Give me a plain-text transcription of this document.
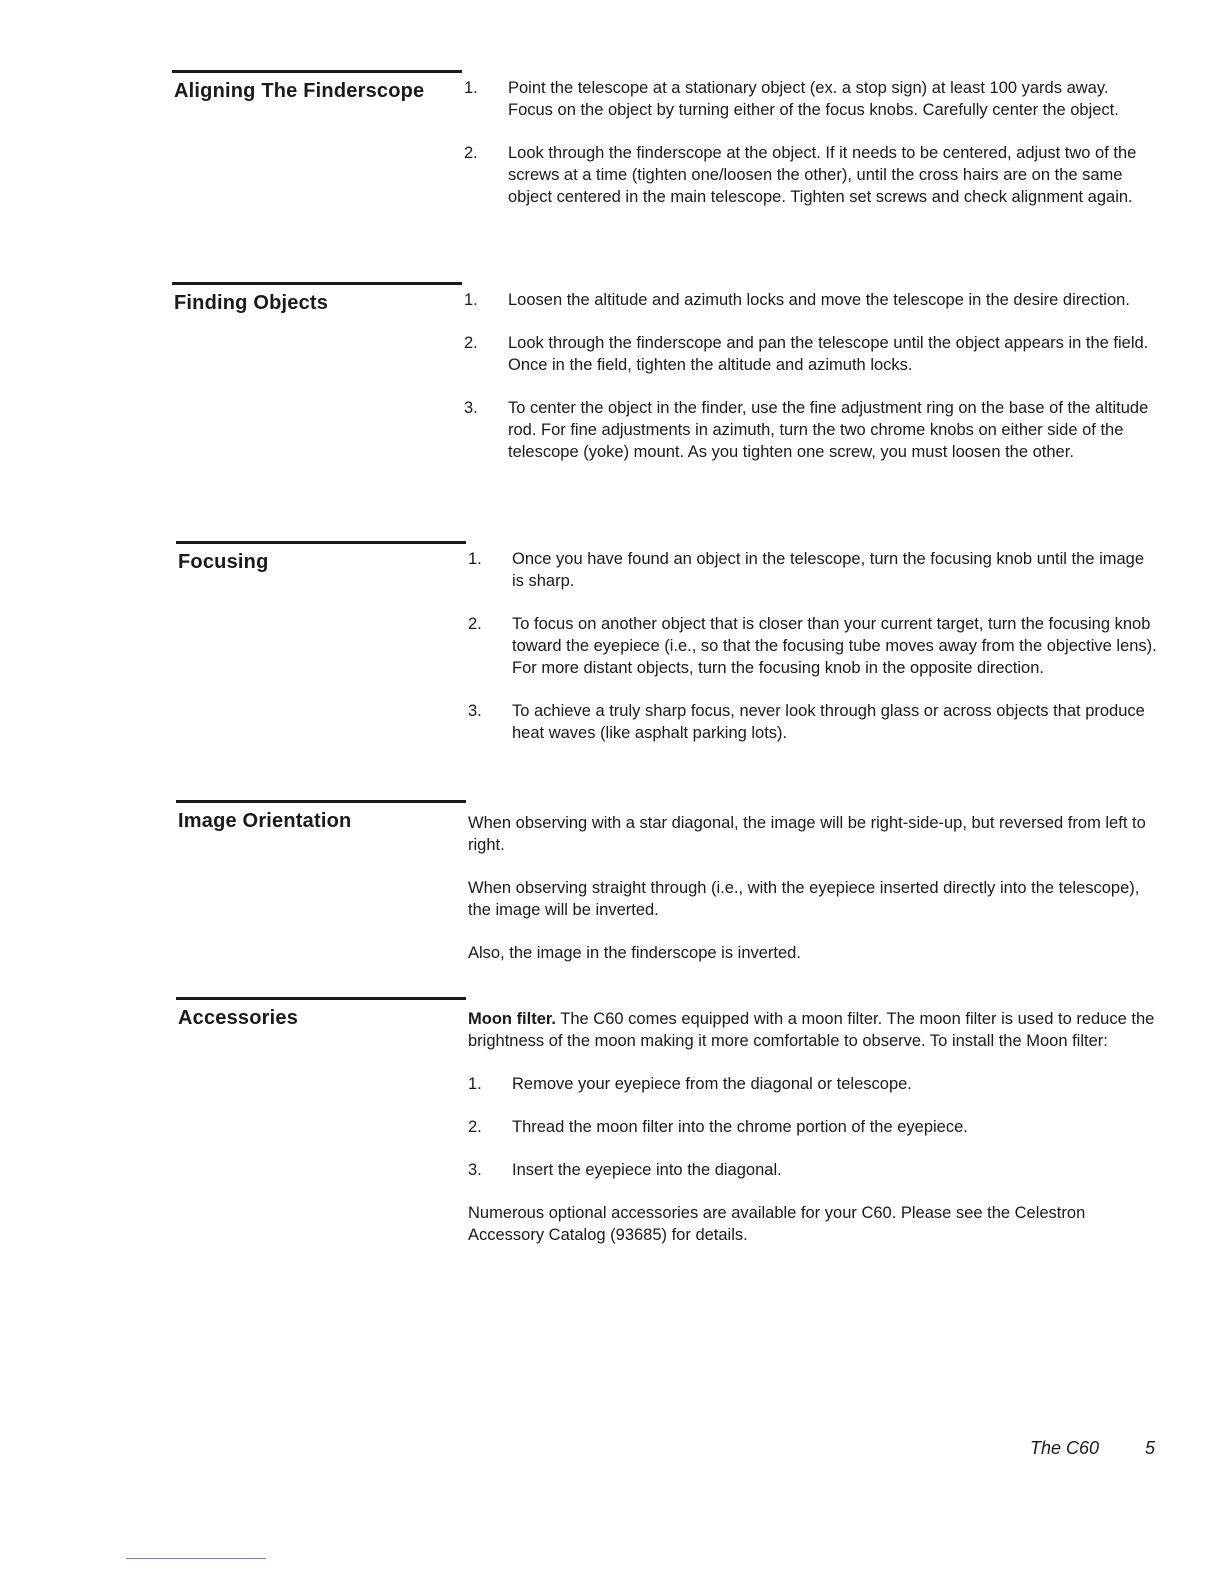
Aligning The Finderscope 1. Point the telescope at a stationary object (ex. a stop sign) at least 100 yards away. Focus on the object by turning either of the focus knobs. Carefully center the object.
2. Look through the finderscope at the object. If it needs to be centered, adjust two of the screws at a time (tighten one/loosen the other), until the cross hairs are on the same object centered in the main telescope. Tighten set screws and check alignment again.
Finding Objects	1. Loosen the altitude and azimuth locks and move the telescope in the desire direction.
2. Look through the finderscope and pan the telescope until the object appears in the field. Once in the field, tighten the altitude and azimuth locks.
3. To center the object in the finder, use the fine adjustment ring on the base of the altitude rod. For fine adjustments in azimuth, turn the two chrome knobs on either side of the telescope (yoke) mount. As you tighten one screw, you must loosen the other.
Focusing	1. Once you have found an object in the telescope, turn the focusing knob until the image is sharp.
2. To focus on another object that is closer than your current target, turn the focusing knob toward the eyepiece (i.e., so that the focusing tube moves away from the objective lens). For more distant objects, turn the focusing knob in the opposite direction.
3. To achieve a truly sharp focus, never look through glass or across objects that produce heat waves (like asphalt parking lots).
Image Orientation	When observing with a star diagonal, the image will be right-side-up, but reversed from left to right.

When observing straight through (i.e., with the eyepiece inserted directly into the telescope), the image will be inverted.

Also, the image in the finderscope is inverted.

Accessories	Moon filter. The C60 comes equipped with a moon filter. The moon filter is used to reduce the brightness of the moon making it more comfortable to observe. To install the Moon filter:

1. Remove your eyepiece from the diagonal or telescope.
2. Thread the moon filter into the chrome portion of the eyepiece.
3. Insert the eyepiece into the diagonal.

Numerous optional accessories are available for your C60. Please see the Celestron Accessory Catalog (93685) for details.

The C60	5
